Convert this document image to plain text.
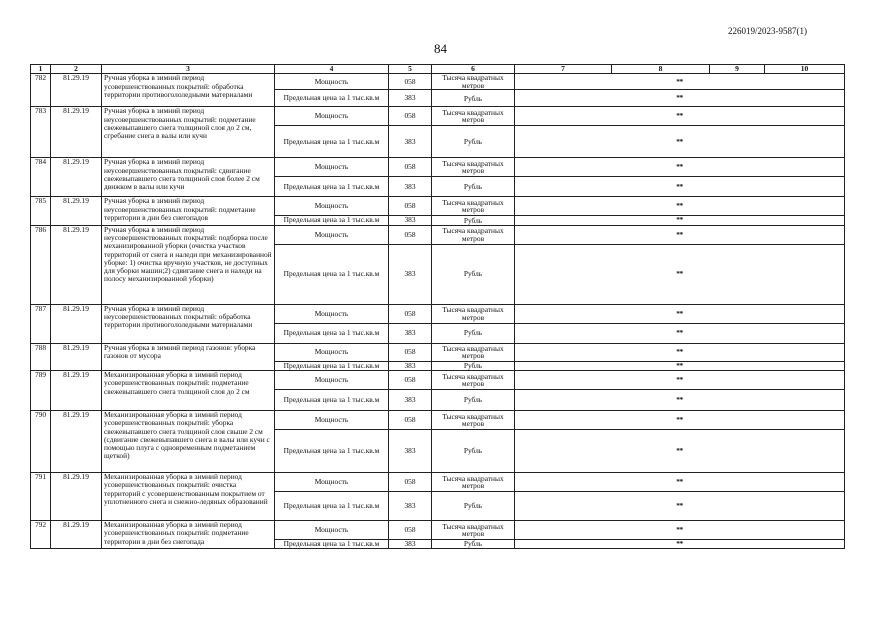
226019/2023-9587(1)
84
1	2	3	4	5	6	7	8	9	10
782	81.29.19	Ручная уборка в зимний период усовершенствованных покрытий: обработка территории противогололедными материалами	Мощность	058	Тысяча квадратных метров	**			
			Предельная цена за 1 тыс.кв.м	383	Рубль	**			
783	81.29.19	Ручная уборка в зимний период неусовершенствованных покрытий: подметание свежевыпавшего снега толщиной слоя до 2 см, сгребание снега в валы или кучи	Мощность	058	Тысяча квадратных метров	**			
			Предельная цена за 1 тыс.кв.м	383	Рубль	**			
784	81.29.19	Ручная уборка в зимний период неусовершенствованных покрытий: сдвигание свежевыпавшего снега толщиной слоя более 2 см движком в валы или кучи	Мощность	058	Тысяча квадратных метров	**			
			Предельная цена за 1 тыс.кв.м	383	Рубль	**			
785	81.29.19	Ручная уборка в зимний период неусовершенствованных покрытий: подметание территории в дни без снегопадов	Мощность	058	Тысяча квадратных метров	**			
			Предельная цена за 1 тыс.кв.м	383	Рубль	**			
786	81.29.19	Ручная уборка в зимний период неусовершенствованных покрытий: подборка после механизированной уборки (очистка участков территорий от снега и наледи при механизированной уборке: 1) очистка вручную участков, не доступных для уборки машин;2) сдвигание снега и наледи на полосу механизированной уборки)	Мощность	058	Тысяча квадратных метров	**			
			Предельная цена за 1 тыс.кв.м	383	Рубль	**			
787	81.29.19	Ручная уборка в зимний период неусовершенствованных покрытий: обработка территории противогололедными материалами	Мощность	058	Тысяча квадратных метров	**			
			Предельная цена за 1 тыс.кв.м	383	Рубль	**			
788	81.29.19	Ручная уборка в зимний период газонов: уборка газонов от мусора	Мощность	058	Тысяча квадратных метров	**			
			Предельная цена за 1 тыс.кв.м	383	Рубль	**			
789	81.29.19	Механизированная уборка в зимний период усовершенствованных покрытий: подметание свежевыпавшего снега толщиной слоя до 2 см	Мощность	058	Тысяча квадратных метров	**			
			Предельная цена за 1 тыс.кв.м	383	Рубль	**			
790	81.29.19	Механизированная уборка в зимний период усовершенствованных покрытий: уборка свежевыпавшего снега толщиной слоя свыше 2 см (сдвигание свежевыпавшего снега в валы или кучи с помощью плуга с одновременным подметанием щеткой)	Мощность	058	Тысяча квадратных метров	**			
			Предельная цена за 1 тыс.кв.м	383	Рубль	**			
791	81.29.19	Механизированная уборка в зимний период усовершенствованных покрытий: очистка территорий с усовершенствованным покрытием от уплотненного снега и снежно-ледяных образований	Мощность	058	Тысяча квадратных метров	**			
			Предельная цена за 1 тыс.кв.м	383	Рубль	**			
792	81.29.19	Механизированная уборка в зимний период усовершенствованных покрытий: подметание территории в дни без снегопада	Мощность	058	Тысяча квадратных метров	**			
			Предельная цена за 1 тыс.кв.м	383	Рубль	**			
